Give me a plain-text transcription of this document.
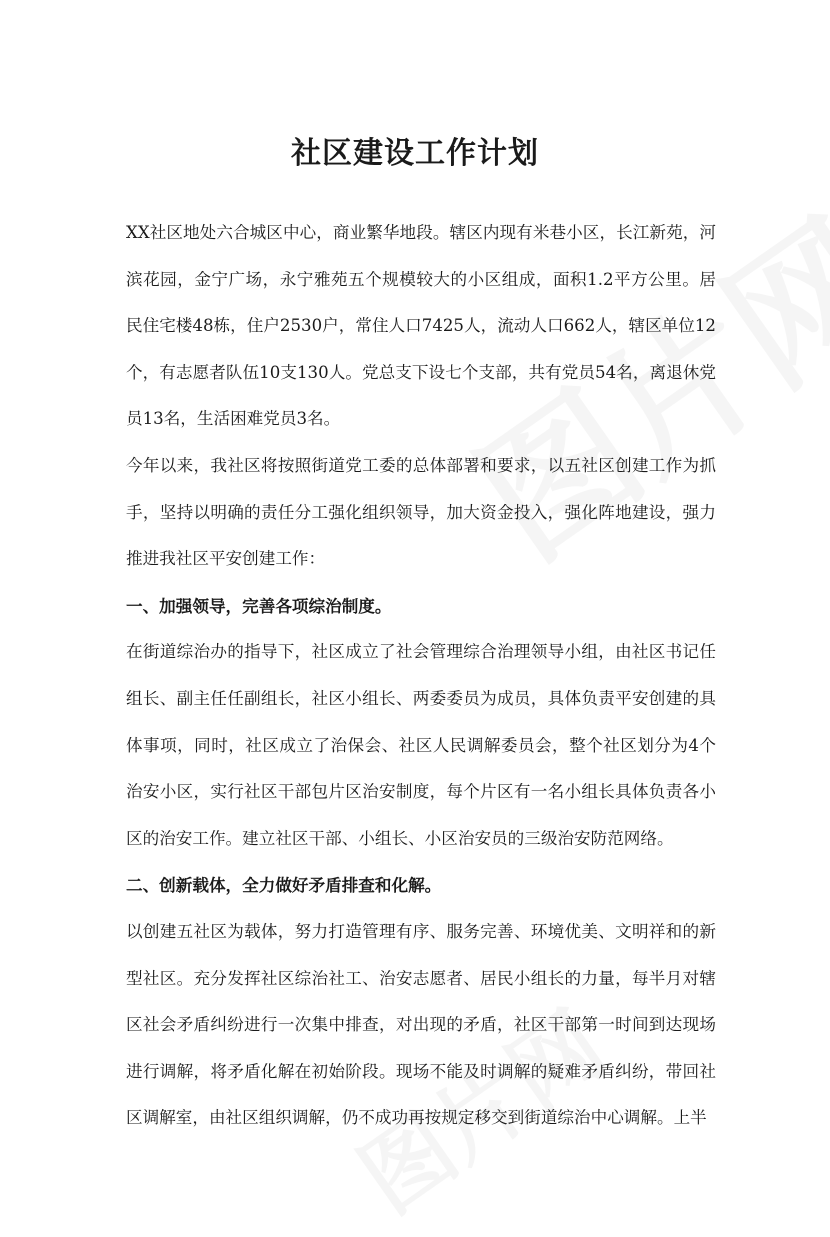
社区建设工作计划

XX社区地处六合城区中心，商业繁华地段。辖区内现有米巷小区，长江新苑，河滨花园，金宁广场，永宁雅苑五个规模较大的小区组成，面积1.2平方公里。居民住宅楼48栋，住户2530户，常住人口7425人，流动人口662人，辖区单位12个，有志愿者队伍10支130人。党总支下设七个支部，共有党员54名，离退休党员13名，生活困难党员3名。

今年以来，我社区将按照街道党工委的总体部署和要求，以五社区创建工作为抓手，坚持以明确的责任分工强化组织领导，加大资金投入，强化阵地建设，强力推进我社区平安创建工作：

一、加强领导，完善各项综治制度。

在街道综治办的指导下，社区成立了社会管理综合治理领导小组，由社区书记任组长、副主任任副组长，社区小组长、两委委员为成员，具体负责平安创建的具体事项，同时，社区成立了治保会、社区人民调解委员会，整个社区划分为4个治安小区，实行社区干部包片区治安制度，每个片区有一名小组长具体负责各小区的治安工作。建立社区干部、小组长、小区治安员的三级治安防范网络。

二、创新载体，全力做好矛盾排查和化解。

以创建五社区为载体，努力打造管理有序、服务完善、环境优美、文明祥和的新型社区。充分发挥社区综治社工、治安志愿者、居民小组长的力量，每半月对辖区社会矛盾纠纷进行一次集中排查，对出现的矛盾，社区干部第一时间到达现场进行调解，将矛盾化解在初始阶段。现场不能及时调解的疑难矛盾纠纷，带回社区调解室，由社区组织调解，仍不成功再按规定移交到街道综治中心调解。上半
